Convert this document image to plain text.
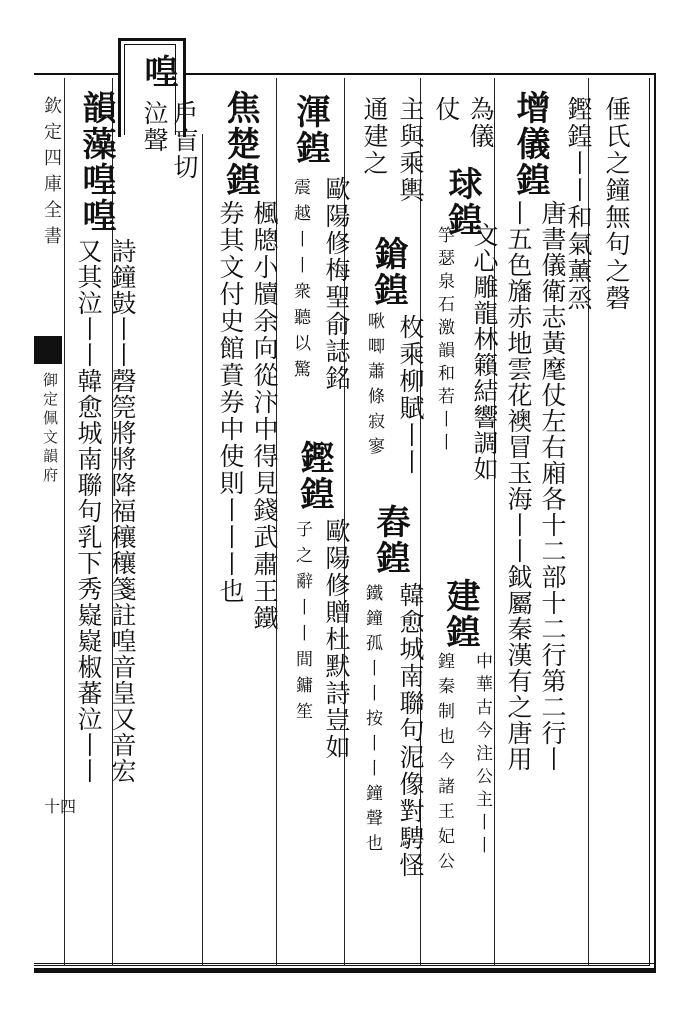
欽定四庫全書
御定佩文韻府
十四
喤
戶盲切
泣聲	倕氏之鐘無句之磬
鏗鍠丨丨和氣薰烝
增儀鍠
唐書儀衛志黃麾仗左右廂各十二部十二行第二行丨
丨五色旛赤地雲花襖冒玉海丨丨鉞屬秦漢有之唐用
為儀
球鍠
文心雕龍林籟結響調如
仗
竽瑟泉石激韻和若丨丨
建鍠
中華古今注公主丨丨
鍠秦制也今諸王妃公
主與乘輿
鎗鍠
枚乘柳賦丨丨
舂鍠
韓愈城南聯句泥像對騁怪
通建之
啾唧蕭條寂寥
鐵鐘孤丨丨按丨丨鐘聲也
渾鍠
歐陽修梅聖俞誌銘
鏗鍠
歐陽修贈杜默詩豈如
震越丨丨衆聽以驚
子之辭丨丨間鏞笙
焦楚鍠
楓牕小牘余向從汴中得見錢武肅王鐵
券其文付史館賁券中使則丨丨丨也
韻藻喤喤
詩鐘鼓丨丨磬筦將將降福穰穰箋註喤音皇又音宏
又其泣丨丨韓愈城南聯句乳下秀嶷嶷椒蕃泣丨丨
